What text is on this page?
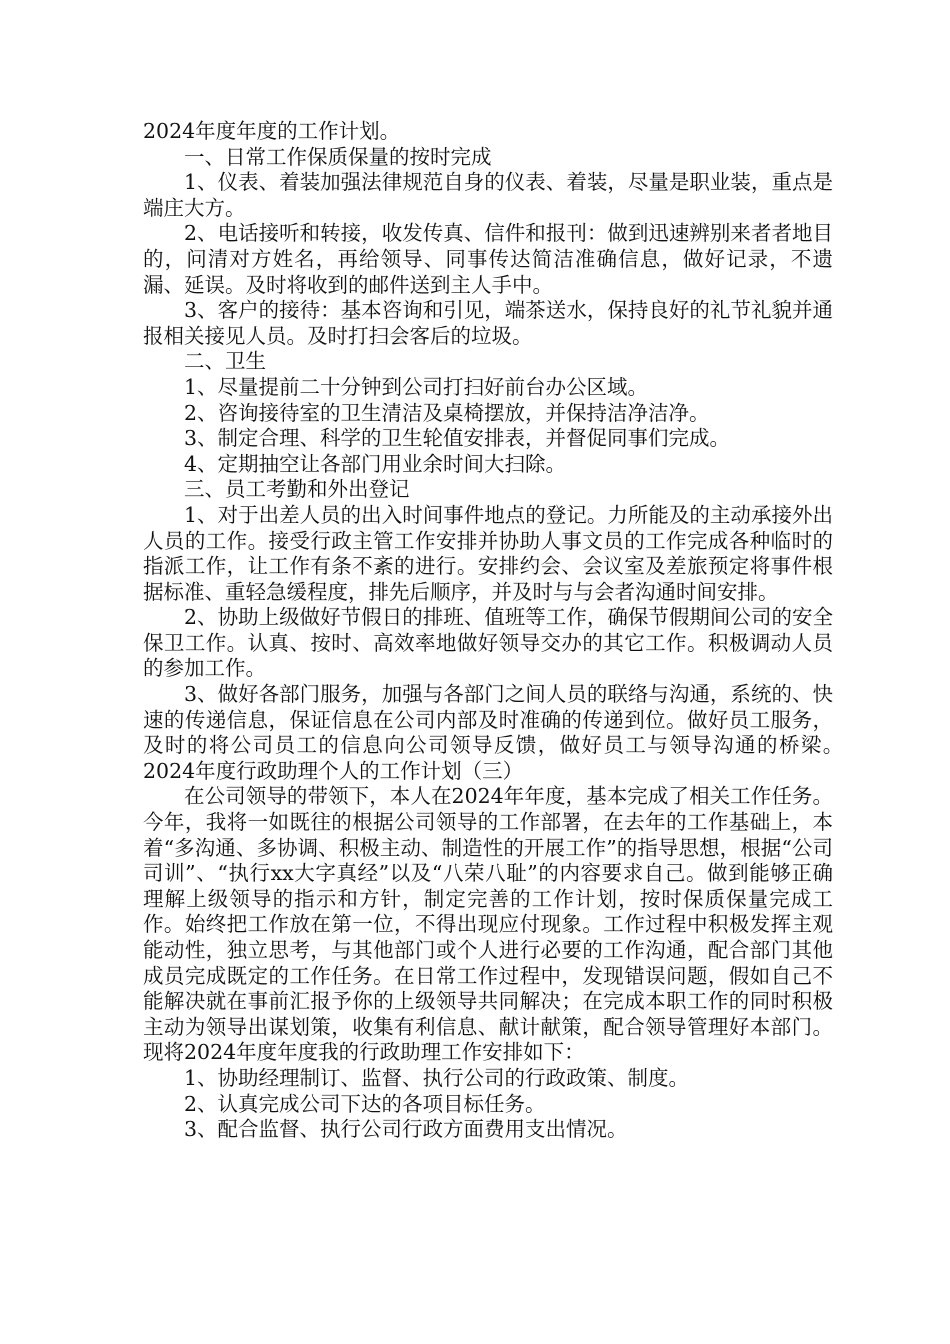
2024年度年度的工作计划。

一、日常工作保质保量的按时完成

1、仪表、着装加强法律规范自身的仪表、着装，尽量是职业装，重点是端庄大方。

2、电话接听和转接，收发传真、信件和报刊：做到迅速辨别来者者地目的，问清对方姓名，再给领导、同事传达简洁准确信息，做好记录，不遗漏、延误。及时将收到的邮件送到主人手中。

3、客户的接待：基本咨询和引见，端茶送水，保持良好的礼节礼貌并通报相关接见人员。及时打扫会客后的垃圾。

二、卫生

1、尽量提前二十分钟到公司打扫好前台办公区域。

2、咨询接待室的卫生清洁及桌椅摆放，并保持洁净洁净。

3、制定合理、科学的卫生轮值安排表，并督促同事们完成。

4、定期抽空让各部门用业余时间大扫除。

三、员工考勤和外出登记

1、对于出差人员的出入时间事件地点的登记。力所能及的主动承接外出人员的工作。接受行政主管工作安排并协助人事文员的工作完成各种临时的指派工作，让工作有条不紊的进行。安排约会、会议室及差旅预定将事件根据标准、重轻急缓程度，排先后顺序，并及时与与会者沟通时间安排。

2、协助上级做好节假日的排班、值班等工作，确保节假期间公司的安全保卫工作。认真、按时、高效率地做好领导交办的其它工作。积极调动人员的参加工作。

3、做好各部门服务，加强与各部门之间人员的联络与沟通，系统的、快速的传递信息，保证信息在公司内部及时准确的传递到位。做好员工服务，及时的将公司员工的信息向公司领导反馈，做好员工与领导沟通的桥梁。　　2024年度行政助理个人的工作计划（三）

在公司领导的带领下，本人在2024年年度，基本完成了相关工作任务。今年，我将一如既往的根据公司领导的工作部署，在去年的工作基础上，本着“多沟通、多协调、积极主动、制造性的开展工作”的指导思想，根据“公司司训”、“执行xx大字真经”以及“八荣八耻”的内容要求自己。做到能够正确理解上级领导的指示和方针，制定完善的工作计划，按时保质保量完成工作。始终把工作放在第一位，不得出现应付现象。工作过程中积极发挥主观能动性，独立思考，与其他部门或个人进行必要的工作沟通，配合部门其他成员完成既定的工作任务。在日常工作过程中，发现错误问题，假如自己不能解决就在事前汇报予你的上级领导共同解决；在完成本职工作的同时积极主动为领导出谋划策，收集有利信息、献计献策，配合领导管理好本部门。现将2024年度年度我的行政助理工作安排如下：

1、协助经理制订、监督、执行公司的行政政策、制度。

2、认真完成公司下达的各项目标任务。

3、配合监督、执行公司行政方面费用支出情况。
